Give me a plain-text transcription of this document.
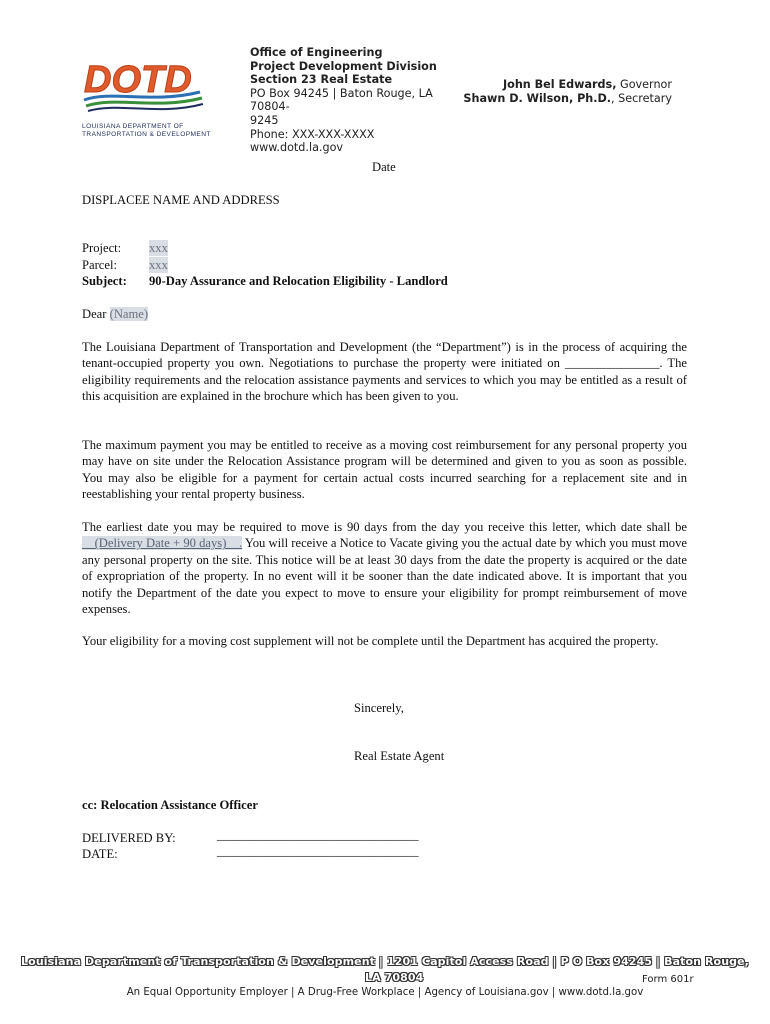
DOTD
LOUISIANA DEPARTMENT OF
TRANSPORTATION & DEVELOPMENT
Office of Engineering
Project Development Division
Section 23 Real Estate
PO Box 94245 | Baton Rouge, LA 70804-
9245
Phone: XXX-XXX-XXXX
www.dotd.la.gov
John Bel Edwards, Governor
Shawn D. Wilson, Ph.D., Secretary
Date
DISPLACEE NAME AND ADDRESS
Project: xxx
Parcel:	xxx
Subject: 90-Day Assurance and Relocation Eligibility - Landlord
Dear (Name)
The Louisiana Department of Transportation and Development (the “Department”) is in the process of acquiring the tenant-occupied property you own. Negotiations to purchase the property were initiated on _______________. The eligibility requirements and the relocation assistance payments and services to which you may be entitled as a result of this acquisition are explained in the brochure which has been given to you.
The maximum payment you may be entitled to receive as a moving cost reimbursement for any personal property you may have on site under the Relocation Assistance program will be determined and given to you as soon as possible. You may also be eligible for a payment for certain actual costs incurred searching for a replacement site and in reestablishing your rental property business.
The earliest date you may be required to move is 90 days from the day you receive this letter, which date shall be __(Delivery Date + 90 days)__. You will receive a Notice to Vacate giving you the actual date by which you must move any personal property on the site. This notice will be at least 30 days from the date the property is acquired or the date of expropriation of the property. In no event will it be sooner than the date indicated above. It is important that you notify the Department of the date you expect to move to ensure your eligibility for prompt reimbursement of move expenses.
Your eligibility for a moving cost supplement will not be complete until the Department has acquired the property.
Sincerely,
Real Estate Agent
cc: Relocation Assistance Officer
DELIVERED BY:	________________________________
DATE:	________________________________
Louisiana Department of Transportation & Development | 1201 Capitol Access Road | P O Box 94245 | Baton Rouge,
LA 70804	Form 601r
An Equal Opportunity Employer | A Drug-Free Workplace | Agency of Louisiana.gov | www.dotd.la.gov
